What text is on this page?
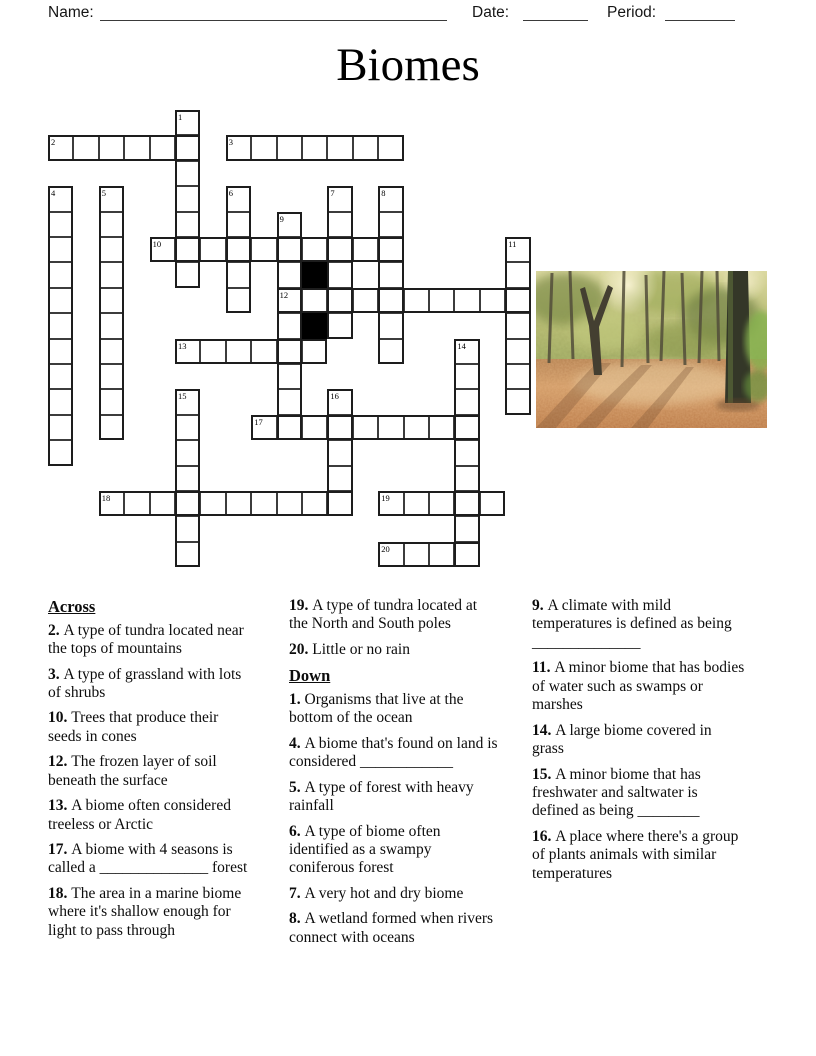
Name:	Date:	Period:
Biomes
1
2	3
4	5	6	7	8
9
10	11
12
13	14
15	16
17
18	19
20
Across
2. A type of tundra located near the tops of mountains
3. A type of grassland with lots of shrubs
10. Trees that produce their seeds in cones
12. The frozen layer of soil beneath the surface
13. A biome often considered treeless or Arctic
17. A biome with 4 seasons is called a ______________ forest
18. The area in a marine biome where it's shallow enough for light to pass through
19. A type of tundra located at the North and South poles
20. Little or no rain
Down
1. Organisms that live at the bottom of the ocean
4. A biome that's found on land is considered ____________
5. A type of forest with heavy rainfall
6. A type of biome often identified as a swampy coniferous forest
7. A very hot and dry biome
8. A wetland formed when rivers connect with oceans
9. A climate with mild temperatures is defined as being ______________
11. A minor biome that has bodies of water such as swamps or marshes
14. A large biome covered in grass
15. A minor biome that has freshwater and saltwater is defined as being ________
16. A place where there's a group of plants animals with similar temperatures
